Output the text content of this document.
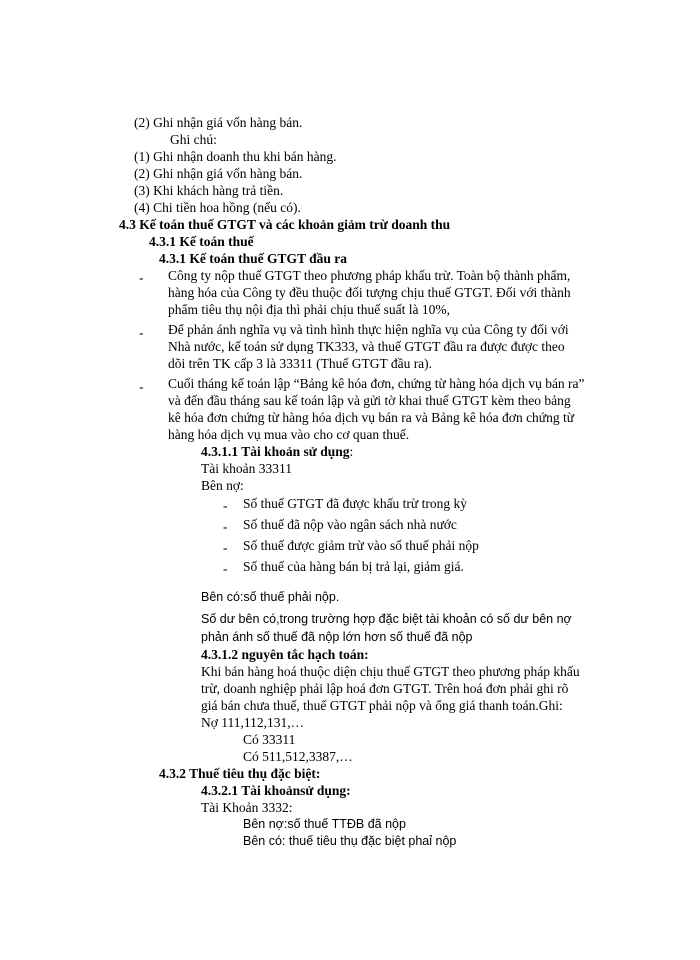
(2) Ghi nhận giá vốn hàng bán.
Ghi chú:
(1) Ghi nhận doanh thu khi bán hàng.
(2) Ghi nhận giá vốn hàng bán.
(3) Khi khách hàng trả tiền.
(4) Chi tiền hoa hồng (nếu có).
4.3 Kế toán thuế GTGT và các khoản giảm trừ doanh thu
4.3.1 Kế toán thuế
4.3.1 Kế toán thuế GTGT đầu ra
- Công ty nộp thuế GTGT theo phương pháp khấu trừ. Toàn bộ thành phẩm,
hàng hóa của Công ty đều thuộc đối tượng chịu thuế GTGT. Đối với thành
phẩm tiêu thụ nội địa thì phải chịu thuế suất là 10%,
- Để phản ánh nghĩa vụ và tình hình thực hiện nghĩa vụ của Công ty đối với
Nhà nước, kế toán sử dụng TK333, và thuế GTGT đầu ra được được theo
dõi trên TK cấp 3 là 33311 (Thuế GTGT đầu ra).
- Cuối tháng kế toán lập “Bảng kê hóa đơn, chứng từ hàng hóa dịch vụ bán ra”
và đến đầu tháng sau kế toán lập và gửi tờ khai thuế GTGT kèm theo bảng
kê hóa đơn chứng từ hàng hóa dịch vụ bán ra và Bảng kê hóa đơn chứng từ
hàng hóa dịch vụ mua vào cho cơ quan thuế.
4.3.1.1 Tài khoản sử dụng:
Tài khoản 33311
Bên nợ:
- Số thuế GTGT đã được khấu trừ trong kỳ
- Số thuế đã nộp vào ngân sách nhà nước
- Số thuế được giảm trừ vào số thuế phải nộp
- Số thuế của hàng bán bị trả lại, giảm giá.
Bên có:số thuế phải nộp.
Số dư bên có,trong trường hợp đặc biệt tài khoản có số dư bên nợ
phản ánh số thuế đã nộp lớn hơn số thuế đã nộp
4.3.1.2 nguyên tắc hạch toán:
Khi bán hàng hoá thuộc diện chịu thuế GTGT theo phương pháp khấu
trừ, doanh nghiệp phải lập hoá đơn GTGT. Trên hoá đơn phải ghi rõ
giá bán chưa thuế, thuế GTGT phải nộp và ổng giá thanh toán.Ghi:
Nợ 111,112,131,…
Có 33311
Có 511,512,3387,…
4.3.2 Thuế tiêu thụ đặc biệt:
4.3.2.1 Tài khoảnsử dụng:
Tài Khoản 3332:
Bên nợ:số thuế TTĐB đã nộp
Bên có: thuế tiêu thụ đặc biệt phaỉ nộp
